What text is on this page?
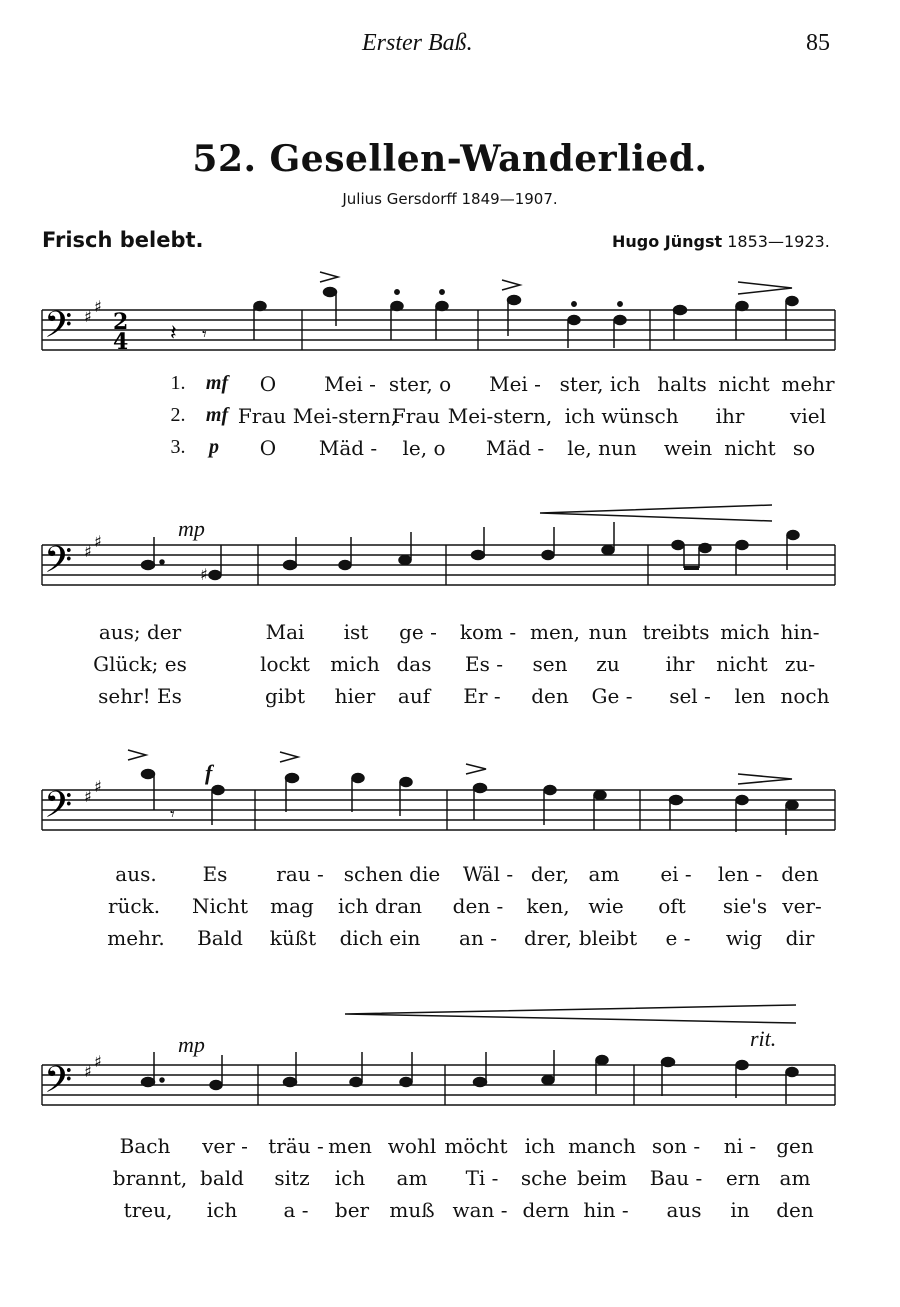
Erster Baß.	85
52. Gesellen-Wanderlied.
Julius Gersdorff 1849—1907.
Frisch belebt.	Hugo Jüngst 1853—1923.
𝄢 ♯
♯
2
4 𝄽 𝄾
1. mf O Mei - ster, o Mei - ster, ich halts nicht mehr
2. mf Frau Mei-stern,
Frau Mei-stern, ich wünsch ihr viel
3. p O Mäd - le, o Mäd - le, nun wein nicht so
mp
𝄢 ♯
♯
♯
aus; der	Mai ist ge - kom - men, nun treibts mich hin-
Glück; es	lockt mich das Es - sen zu ihr nicht zu-
sehr! Es	gibt hier auf Er - den Ge - sel - len noch
f
𝄢 ♯
♯
𝄾
aus. Es rau - schen die Wäl - der, am ei - len - den
rück. Nicht mag ich dran den - ken, wie oft sie's ver-
mehr. Bald küßt dich ein an - drer, bleibt e - wig dir
mp	rit.
𝄢 ♯
♯
Bach ver - träu - men wohl möcht ich manch son - ni - gen
brannt, bald sitz ich am Ti - sche beim Bau - ern am
treu, ich a - ber muß wan - dern hin - aus in den
